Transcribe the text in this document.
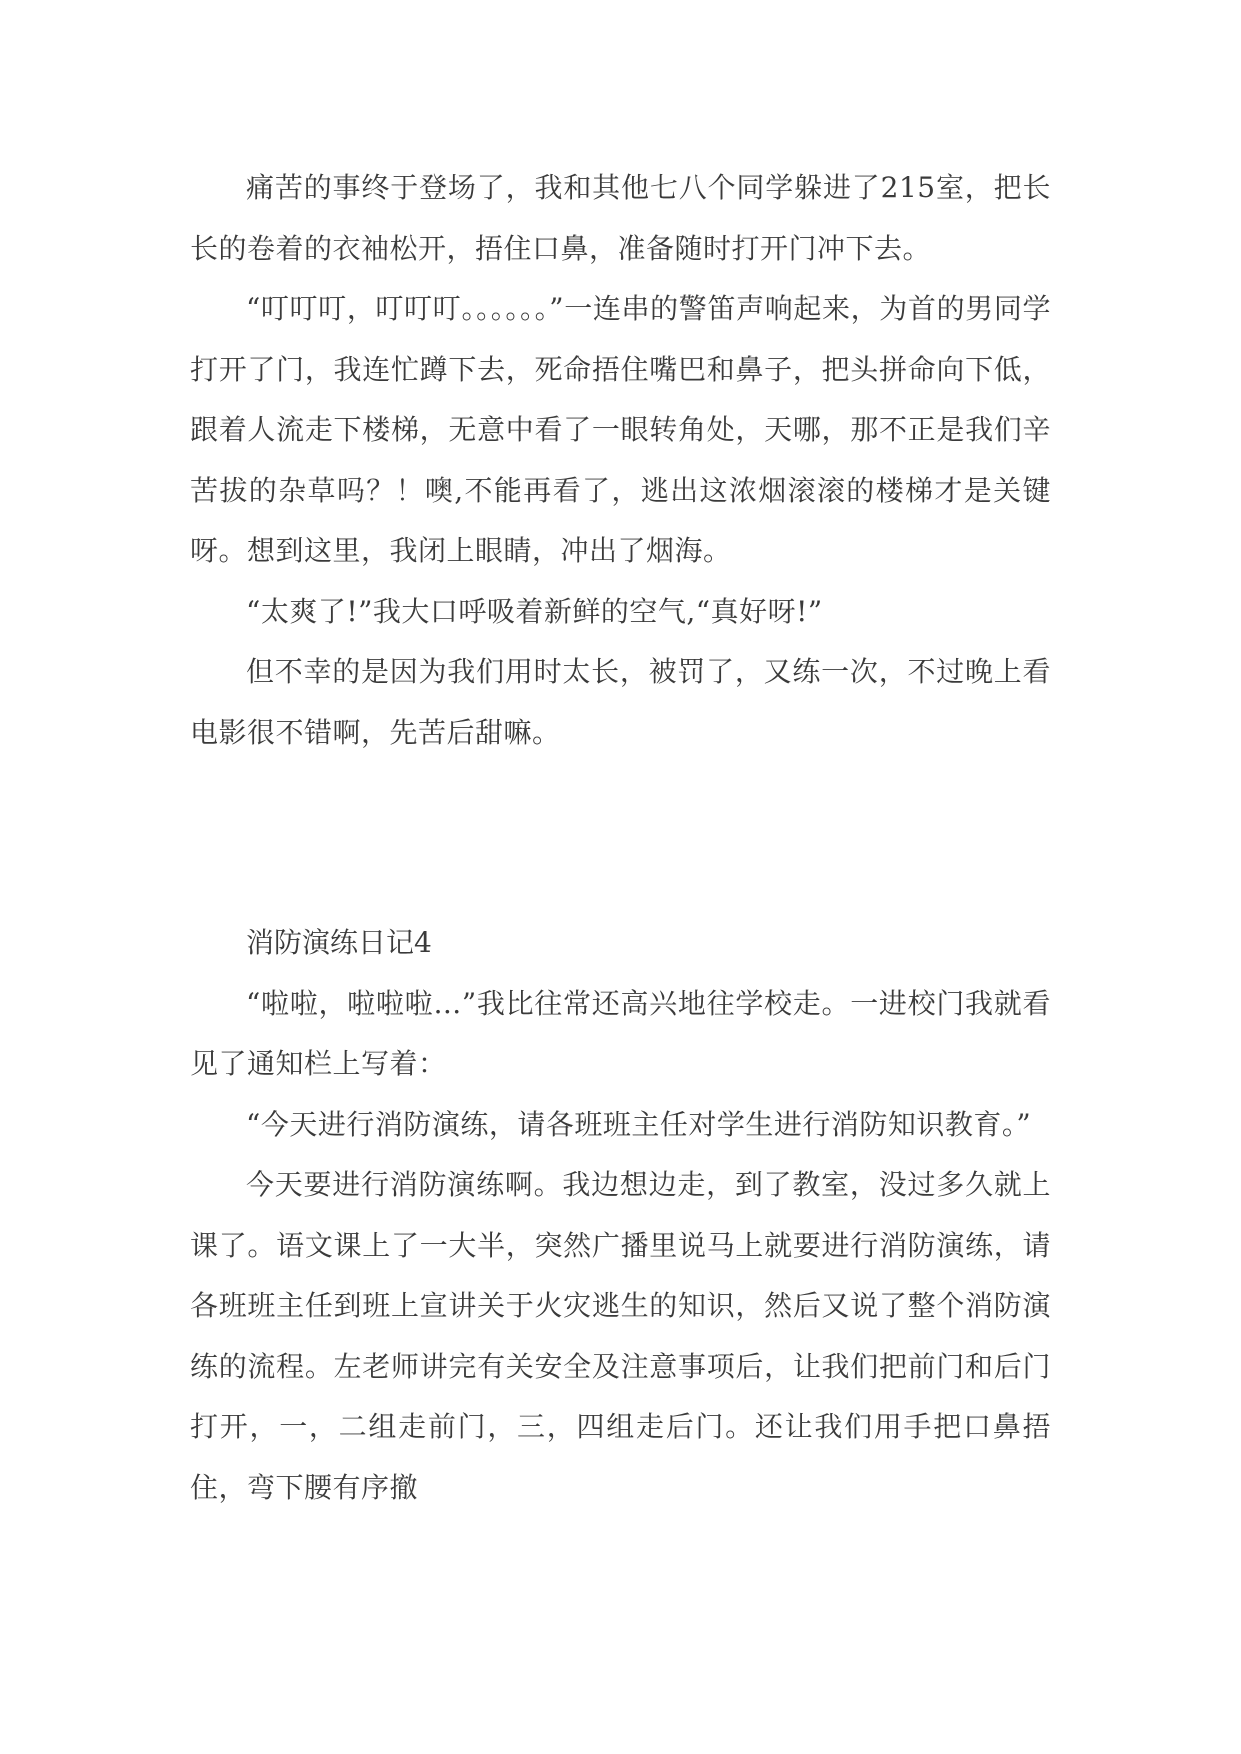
痛苦的事终于登场了，我和其他七八个同学躲进了215室，把长长的卷着的衣袖松开，捂住口鼻，准备随时打开门冲下去。

“叮叮叮，叮叮叮。。。。。。”一连串的警笛声响起来，为首的男同学打开了门，我连忙蹲下去，死命捂住嘴巴和鼻子，把头拼命向下低，跟着人流走下楼梯，无意中看了一眼转角处，天哪，那不正是我们辛苦拔的杂草吗？！噢,不能再看了，逃出这浓烟滚滚的楼梯才是关键呀。想到这里，我闭上眼睛，冲出了烟海。

“太爽了!”我大口呼吸着新鲜的空气,“真好呀!”

但不幸的是因为我们用时太长，被罚了，又练一次，不过晚上看电影很不错啊，先苦后甜嘛。

消防演练日记4

“啦啦，啦啦啦…”我比往常还高兴地往学校走。一进校门我就看见了通知栏上写着：

“今天进行消防演练，请各班班主任对学生进行消防知识教育。”

今天要进行消防演练啊。我边想边走，到了教室，没过多久就上课了。语文课上了一大半，突然广播里说马上就要进行消防演练，请各班班主任到班上宣讲关于火灾逃生的知识，然后又说了整个消防演练的流程。左老师讲完有关安全及注意事项后，让我们把前门和后门打开，一，二组走前门，三，四组走后门。还让我们用手把口鼻捂住，弯下腰有序撤
